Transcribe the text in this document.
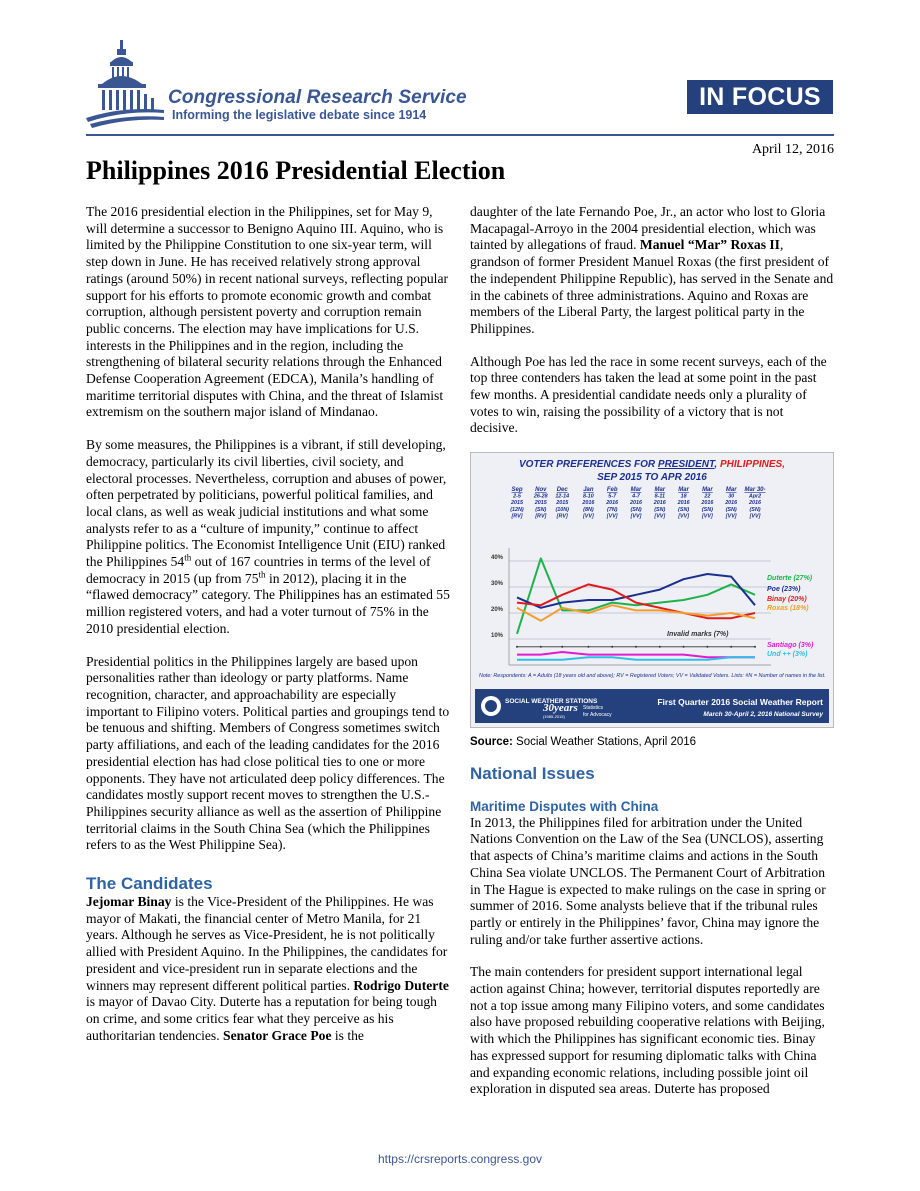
Congressional Research Service
Informing the legislative debate since 1914
IN FOCUS
April 12, 2016
Philippines 2016 Presidential Election

The 2016 presidential election in the Philippines, set for May 9, will determine a successor to Benigno Aquino III. Aquino, who is limited by the Philippine Constitution to one six-year term, will step down in June. He has received relatively strong approval ratings (around 50%) in recent national surveys, reflecting popular support for his efforts to promote economic growth and combat corruption, although persistent poverty and corruption remain public concerns. The election may have implications for U.S. interests in the Philippines and in the region, including the strengthening of bilateral security relations through the Enhanced Defense Cooperation Agreement (EDCA), Manila’s handling of maritime territorial disputes with China, and the threat of Islamist extremism on the southern major island of Mindanao.

By some measures, the Philippines is a vibrant, if still developing, democracy, particularly its civil liberties, civil society, and electoral processes. Nevertheless, corruption and abuses of power, often perpetrated by politicians, powerful political families, and local clans, as well as weak judicial institutions and what some analysts refer to as a “culture of impunity,” continue to affect Philippine politics. The Economist Intelligence Unit (EIU) ranked the Philippines 54th out of 167 countries in terms of the level of democracy in 2015 (up from 75th in 2012), placing it in the “flawed democracy” category. The Philippines has an estimated 55 million registered voters, and had a voter turnout of 75% in the 2010 presidential election.

Presidential politics in the Philippines largely are based upon personalities rather than ideology or party platforms. Name recognition, character, and approachability are especially important to Filipino voters. Political parties and groupings tend to be tenuous and shifting. Members of Congress sometimes switch party affiliations, and each of the leading candidates for the 2016 presidential election has had close political ties to one or more opponents. They have not articulated deep policy differences. The candidates mostly support recent moves to strengthen the U.S.-Philippines security alliance as well as the assertion of Philippine territorial claims in the South China Sea (which the Philippines refers to as the West Philippine Sea).

The Candidates

Jejomar Binay is the Vice-President of the Philippines. He was mayor of Makati, the financial center of Metro Manila, for 21 years. Although he serves as Vice-President, he is not politically allied with President Aquino. In the Philippines, the candidates for president and vice-president run in separate elections and the winners may represent different political parties. Rodrigo Duterte is mayor of Davao City. Duterte has a reputation for being tough on crime, and some critics fear what they perceive as his authoritarian tendencies. Senator Grace Poe is the

daughter of the late Fernando Poe, Jr., an actor who lost to Gloria Macapagal-Arroyo in the 2004 presidential election, which was tainted by allegations of fraud. Manuel “Mar” Roxas II, grandson of former President Manuel Roxas (the first president of the independent Philippine Republic), has served in the Senate and in the cabinets of three administrations. Aquino and Roxas are members of the Liberal Party, the largest political party in the Philippines.

Although Poe has led the race in some recent surveys, each of the top three contenders has taken the lead at some point in the past few months. A presidential candidate needs only a plurality of votes to win, raising the possibility of a victory that is not decisive.

VOTER PREFERENCES FOR PRESIDENT, PHILIPPINES,
SEP 2015 TO APR 2016
Sep
2-5
2015
(12N)
[RV]
Nov
26-28
2015
(SN)
[RV]
Dec
12-14
2015
(10N)
[RV]
Jan
8-10
2016
(8N)
[VV]
Feb
5-7
2016
(7N)
[VV]
Mar
4-7
2016
(SN)
[VV]
Mar
8-11
2016
(SN)
[VV]
Mar
18
2016
(SN)
[VV]
Mar
22
2016
(SN)
[VV]
Mar
30
2016
(SN)
[VV]
Mar 30-
Apr2
2016
(SN)
[VV]
10%
20%
30%
40%
Duterte (27%)
Poe (23%)
Binay (20%)
Roxas (18%)
Invalid marks (7%)
Santiago (3%)
Und ++ (3%)
Note: Respondents: A = Adults (18 years old and above); RV = Registered Voters; VV = Validated Voters. Lists: #N = Number of names in the list.
SOCIAL WEATHER STATIONS
30years Statistics
for Advocacy
(1985-2015)
First Quarter 2016 Social Weather Report
March 30-April 2, 2016 National Survey
Source: Social Weather Stations, April 2016
National Issues
Maritime Disputes with China

In 2013, the Philippines filed for arbitration under the United Nations Convention on the Law of the Sea (UNCLOS), asserting that aspects of China’s maritime claims and actions in the South China Sea violate UNCLOS. The Permanent Court of Arbitration in The Hague is expected to make rulings on the case in spring or summer of 2016. Some analysts believe that if the tribunal rules partly or entirely in the Philippines’ favor, China may ignore the ruling and/or take further assertive actions.

The main contenders for president support international legal action against China; however, territorial disputes reportedly are not a top issue among many Filipino voters, and some candidates also have proposed rebuilding cooperative relations with Beijing, with which the Philippines has significant economic ties. Binay has expressed support for resuming diplomatic talks with China and expanding economic relations, including possible joint oil exploration in disputed sea areas. Duterte has proposed

https://crsreports.congress.gov
